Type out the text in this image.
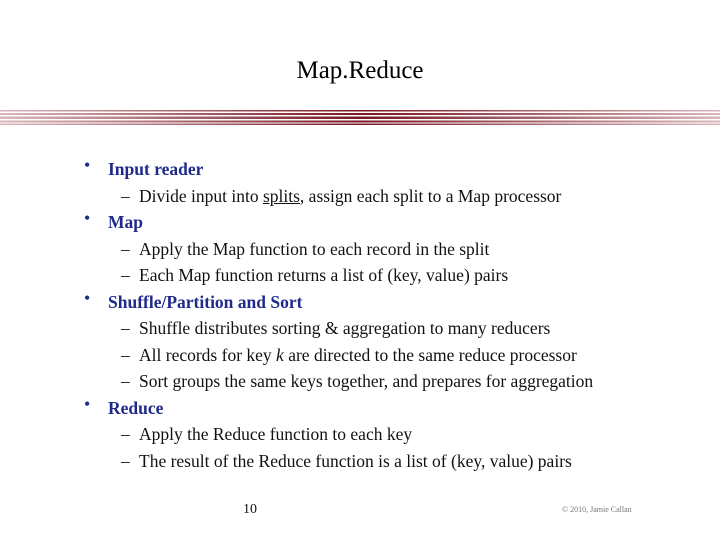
Map.Reduce
• Input reader
– Divide input into splits, assign each split to a Map processor
• Map
– Apply the Map function to each record in the split
– Each Map function returns a list of (key, value) pairs
• Shuffle/Partition and Sort
– Shuffle distributes sorting & aggregation to many reducers
– All records for key k are directed to the same reduce processor
– Sort groups the same keys together, and prepares for aggregation
• Reduce
– Apply the Reduce function to each key
– The result of the Reduce function is a list of (key, value) pairs
10	© 2010, Jamie Callan
